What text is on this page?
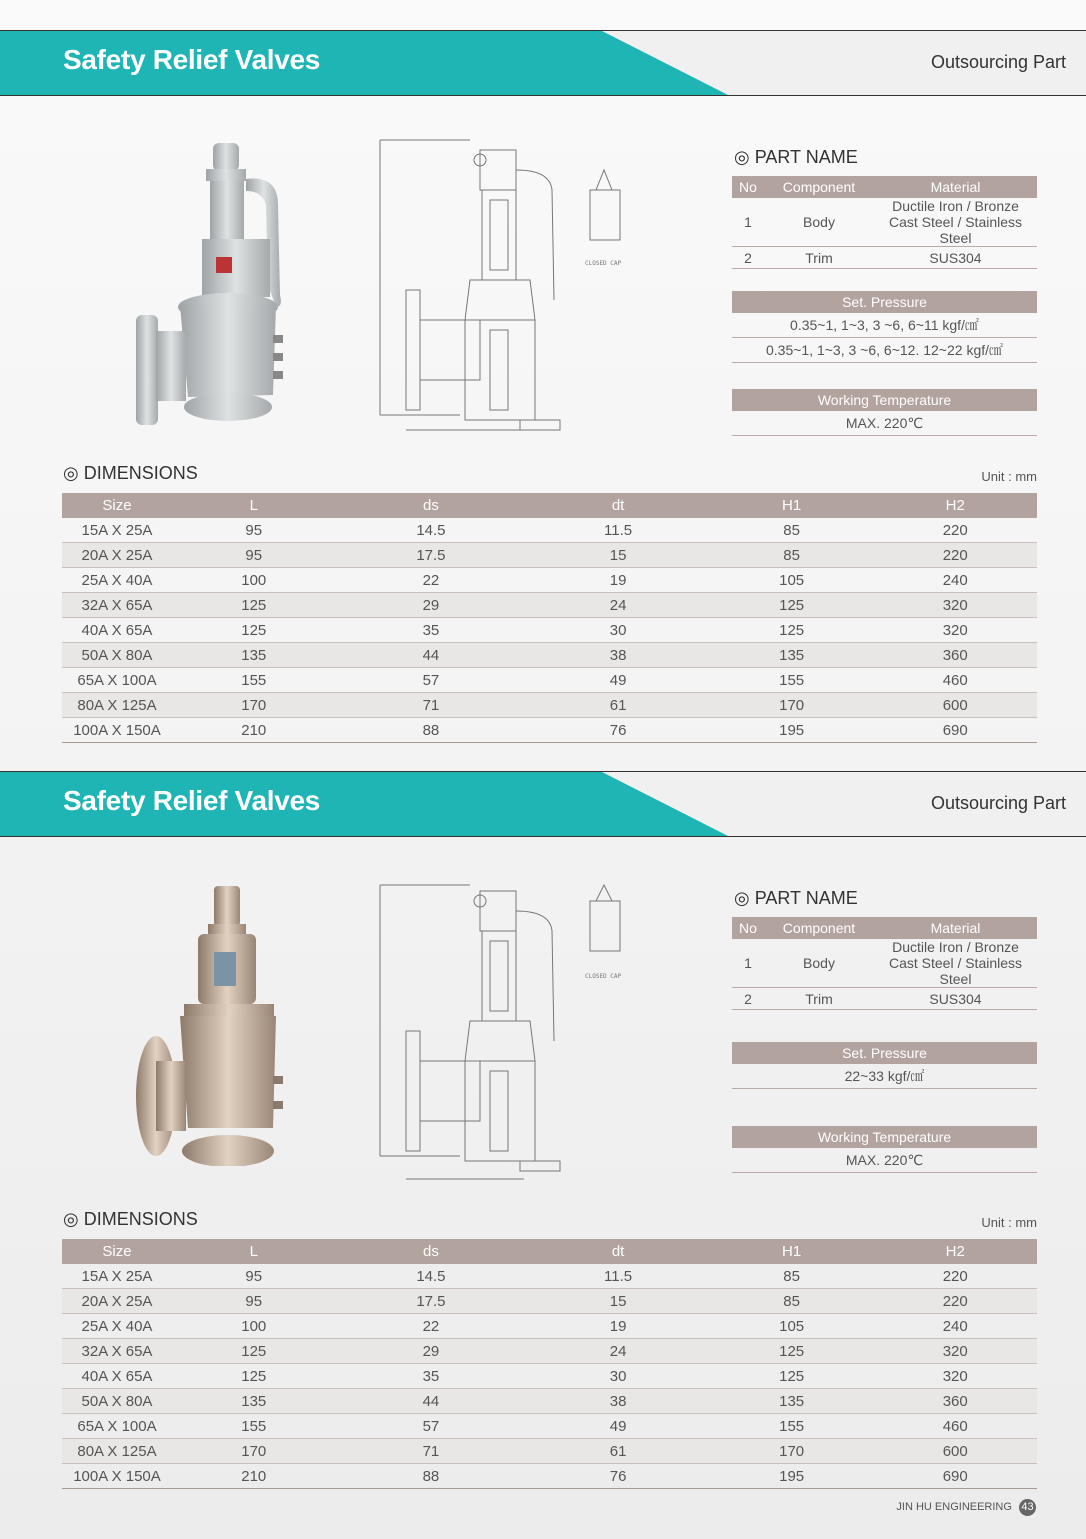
Safety Relief Valves	Outsourcing Part
CLOSED CAP
◎ PART NAME
No	Component	Material
1	Body	Ductile Iron / Bronze
Cast Steel / Stainless Steel

2	Trim	SUS304
Set. Pressure
0.35~1, 1~3, 3 ~6, 6~11 kgf/㎠
0.35~1, 1~3, 3 ~6, 6~12. 12~22 kgf/㎠
Working Temperature
MAX. 220℃
◎ DIMENSIONS	Unit : mm
Size	L	ds	dt	H1	H2
15A X 25A	95	14.5	11.5	85	220
20A X 25A	95	17.5	15	85	220
25A X 40A	100	22	19	105	240
32A X 65A	125	29	24	125	320
40A X 65A	125	35	30	125	320
50A X 80A	135	44	38	135	360
65A X 100A	155	57	49	155	460
80A X 125A	170	71	61	170	600
100A X 150A	210	88	76	195	690
Safety Relief Valves	Outsourcing Part
CLOSED CAP
◎ PART NAME
No	Component	Material
1	Body	Ductile Iron / Bronze
Cast Steel / Stainless Steel

2	Trim	SUS304
Set. Pressure
22~33 kgf/㎠
Working Temperature
MAX. 220℃
◎ DIMENSIONS	Unit : mm
Size	L	ds	dt	H1	H2
15A X 25A	95	14.5	11.5	85	220
20A X 25A	95	17.5	15	85	220
25A X 40A	100	22	19	105	240
32A X 65A	125	29	24	125	320
40A X 65A	125	35	30	125	320
50A X 80A	135	44	38	135	360
65A X 100A	155	57	49	155	460
80A X 125A	170	71	61	170	600
100A X 150A	210	88	76	195	690
JIN HU ENGINEERING 43
